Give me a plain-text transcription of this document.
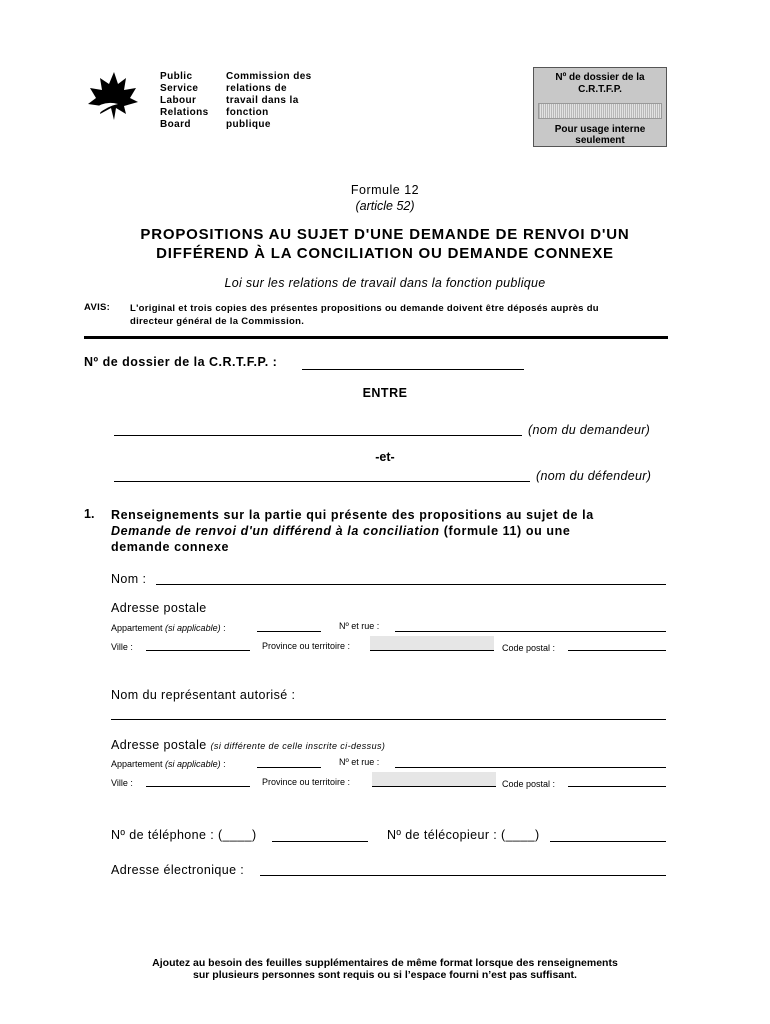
Public
Service
Labour
Relations
Board
Commission des
relations de
travail dans la
fonction
publique
Nº de dossier de la
C.R.T.F.P.
Pour usage interne
seulement
Formule 12
(article 52)
PROPOSITIONS AU SUJET D'UNE DEMANDE DE RENVOI D'UN
DIFFÉREND À LA CONCILIATION OU DEMANDE CONNEXE
Loi sur les relations de travail dans la fonction publique
AVIS: L'original et trois copies des présentes propositions ou demande doivent être déposés auprès du
directeur général de la Commission.
Nº de dossier de la C.R.T.F.P. :
ENTRE
(nom du demandeur)
-et-
(nom du défendeur)
1. Renseignements sur la partie qui présente des propositions au sujet de la
Demande de renvoi d'un différend à la conciliation (formule 11) ou une
demande connexe
Nom :
Adresse postale
Appartement (si applicable) :	Nº et rue :
Ville :	Province ou territoire :	Code postal :
Nom du représentant autorisé :
Adresse postale (si différente de celle inscrite ci-dessus)
Appartement (si applicable) :	Nº et rue :
Ville :	Province ou territoire :	Code postal :
Nº de téléphone : (____)	Nº de télécopieur : (____)
Adresse électronique :
Ajoutez au besoin des feuilles supplémentaires de même format lorsque des renseignements
sur plusieurs personnes sont requis ou si l’espace fourni n’est pas suffisant.
